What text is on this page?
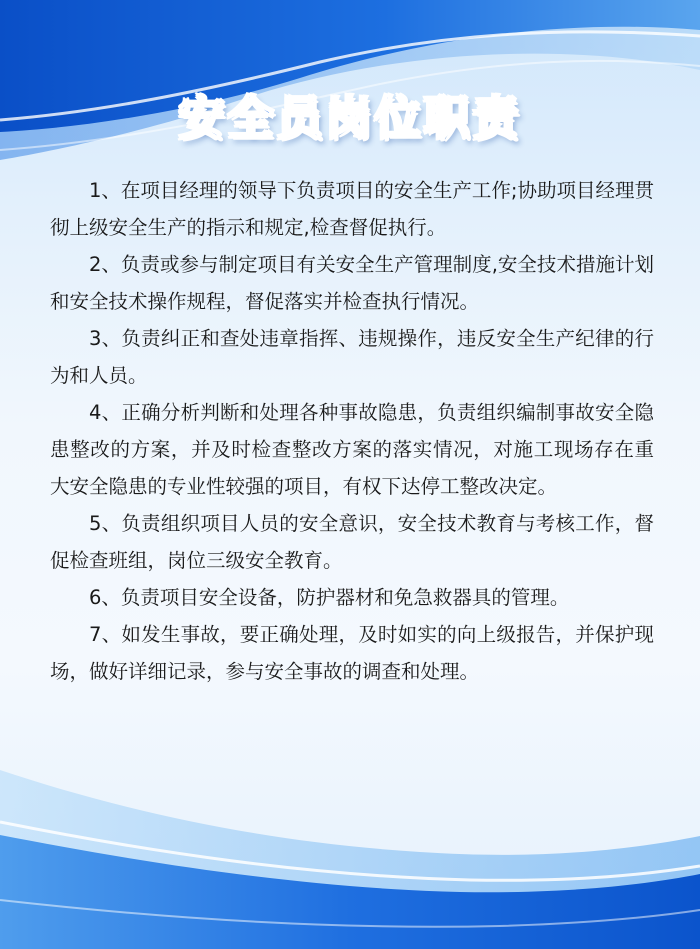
安全员岗位职责
1、在项目经理的领导下负责项目的安全生产工作;协助项目经理贯彻上级安全生产的指示和规定,检查督促执行。
2、负责或参与制定项目有关安全生产管理制度,安全技术措施计划和安全技术操作规程，督促落实并检查执行情况。
3、负责纠正和查处违章指挥、违规操作，违反安全生产纪律的行为和人员。
4、正确分析判断和处理各种事故隐患，负责组织编制事故安全隐患整改的方案，并及时检查整改方案的落实情况，对施工现场存在重大安全隐患的专业性较强的项目，有权下达停工整改决定。
5、负责组织项目人员的安全意识，安全技术教育与考核工作，督促检查班组，岗位三级安全教育。
6、负责项目安全设备，防护器材和免急救器具的管理。
7、如发生事故，要正确处理，及时如实的向上级报告，并保护现场，做好详细记录，参与安全事故的调查和处理。
